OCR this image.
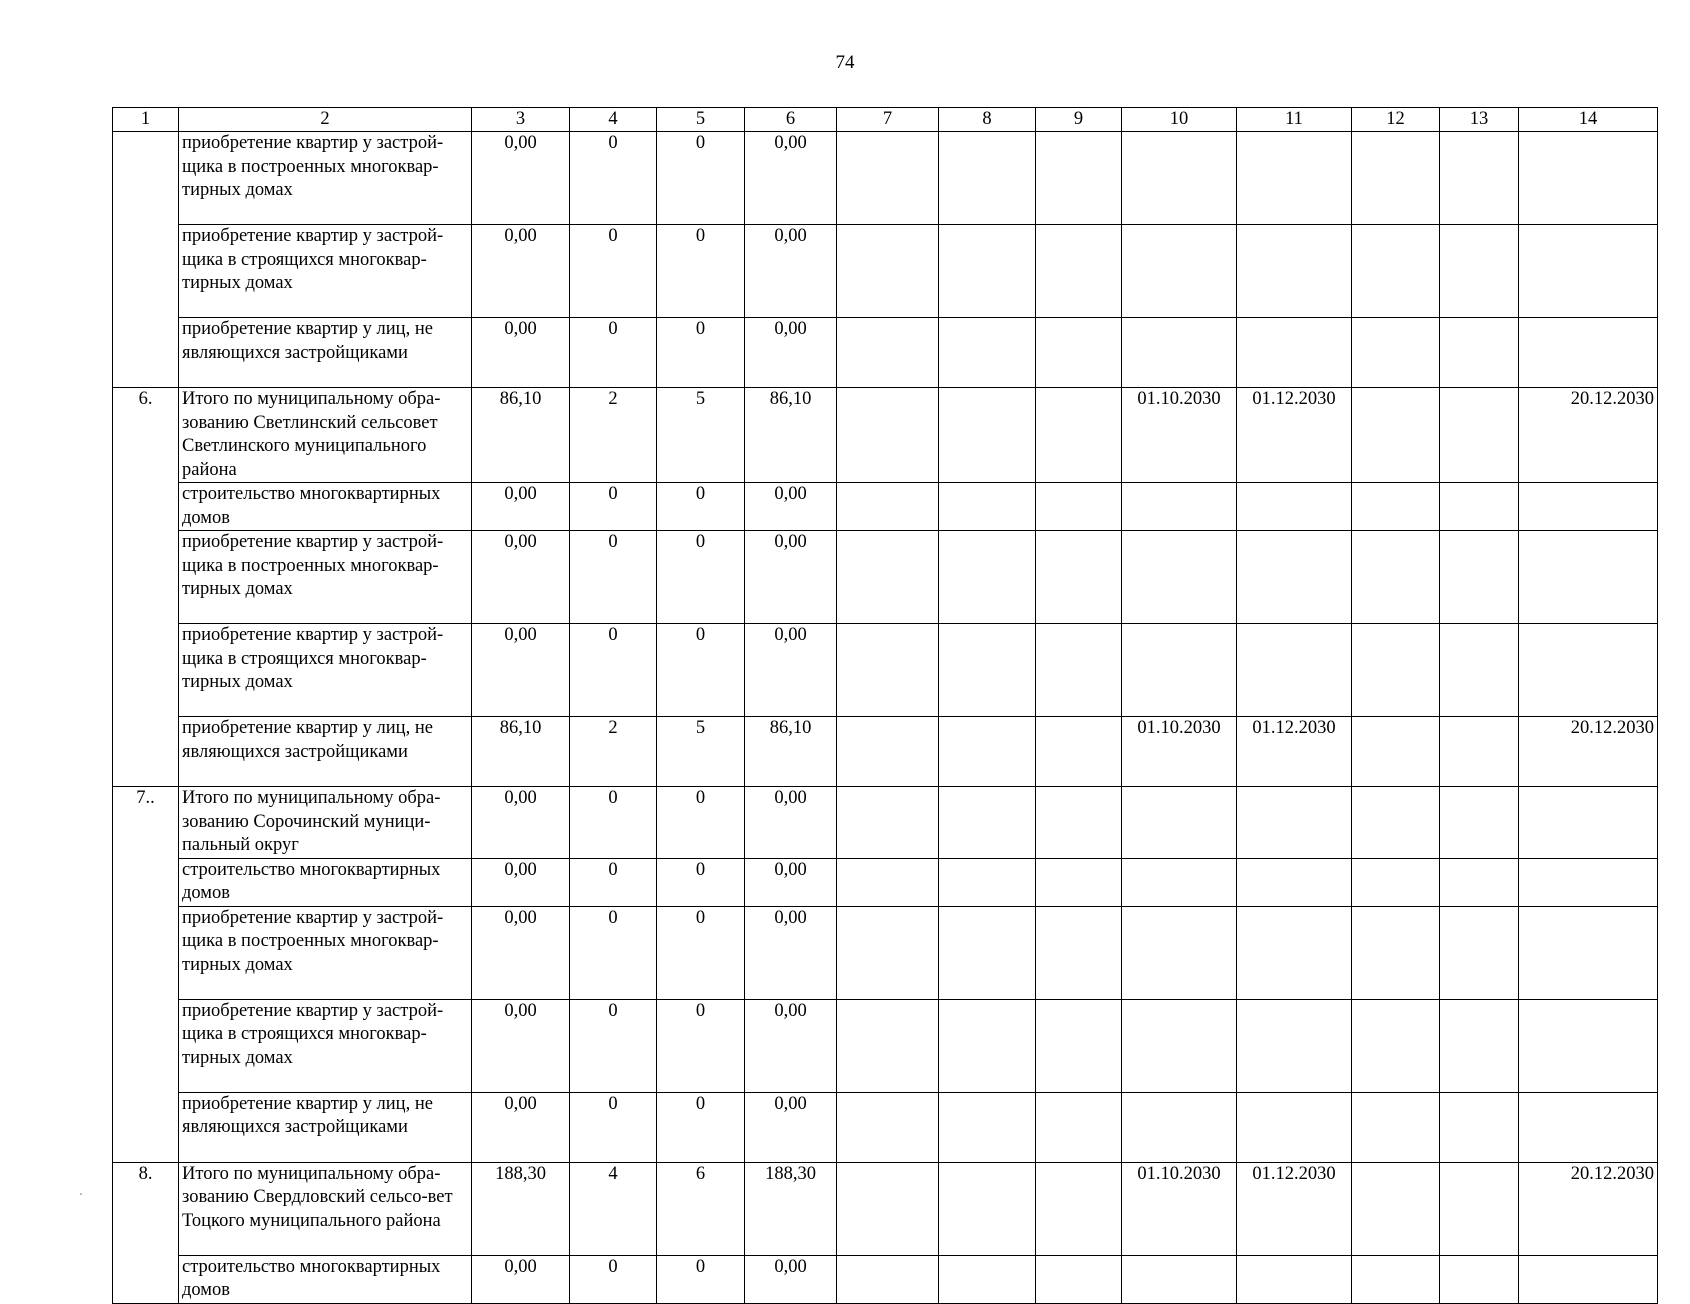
74
1	2	3	4	5	6	7	8	9	10	11	12	13	14
	приобретение квартир у застрой-щика в построенных многоквар-тирных домах	0,00	0	0	0,00								
	приобретение квартир у застрой-щика в строящихся многоквар-тирных домах	0,00	0	0	0,00								
	приобретение квартир у лиц, не являющихся застройщиками	0,00	0	0	0,00								
6.	Итого по муниципальному обра-зованию Светлинский сельсовет Светлинского муниципального района	86,10	2	5	86,10				01.10.2030	01.12.2030			20.12.2030
	строительство многоквартирных домов	0,00	0	0	0,00								
	приобретение квартир у застрой-щика в построенных многоквар-тирных домах	0,00	0	0	0,00								
	приобретение квартир у застрой-щика в строящихся многоквар-тирных домах	0,00	0	0	0,00								
	приобретение квартир у лиц, не являющихся застройщиками	86,10	2	5	86,10				01.10.2030	01.12.2030			20.12.2030
7..	Итого по муниципальному обра-зованию Сорочинский муници-пальный округ	0,00	0	0	0,00								
	строительство многоквартирных домов	0,00	0	0	0,00								
	приобретение квартир у застрой-щика в построенных многоквар-тирных домах	0,00	0	0	0,00								
	приобретение квартир у застрой-щика в строящихся многоквар-тирных домах	0,00	0	0	0,00								
	приобретение квартир у лиц, не являющихся застройщиками	0,00	0	0	0,00								
8.	Итого по муниципальному обра-зованию Свердловский сельсо-вет Тоцкого муниципального района	188,30	4	6	188,30				01.10.2030	01.12.2030			20.12.2030
	строительство многоквартирных домов	0,00	0	0	0,00								
